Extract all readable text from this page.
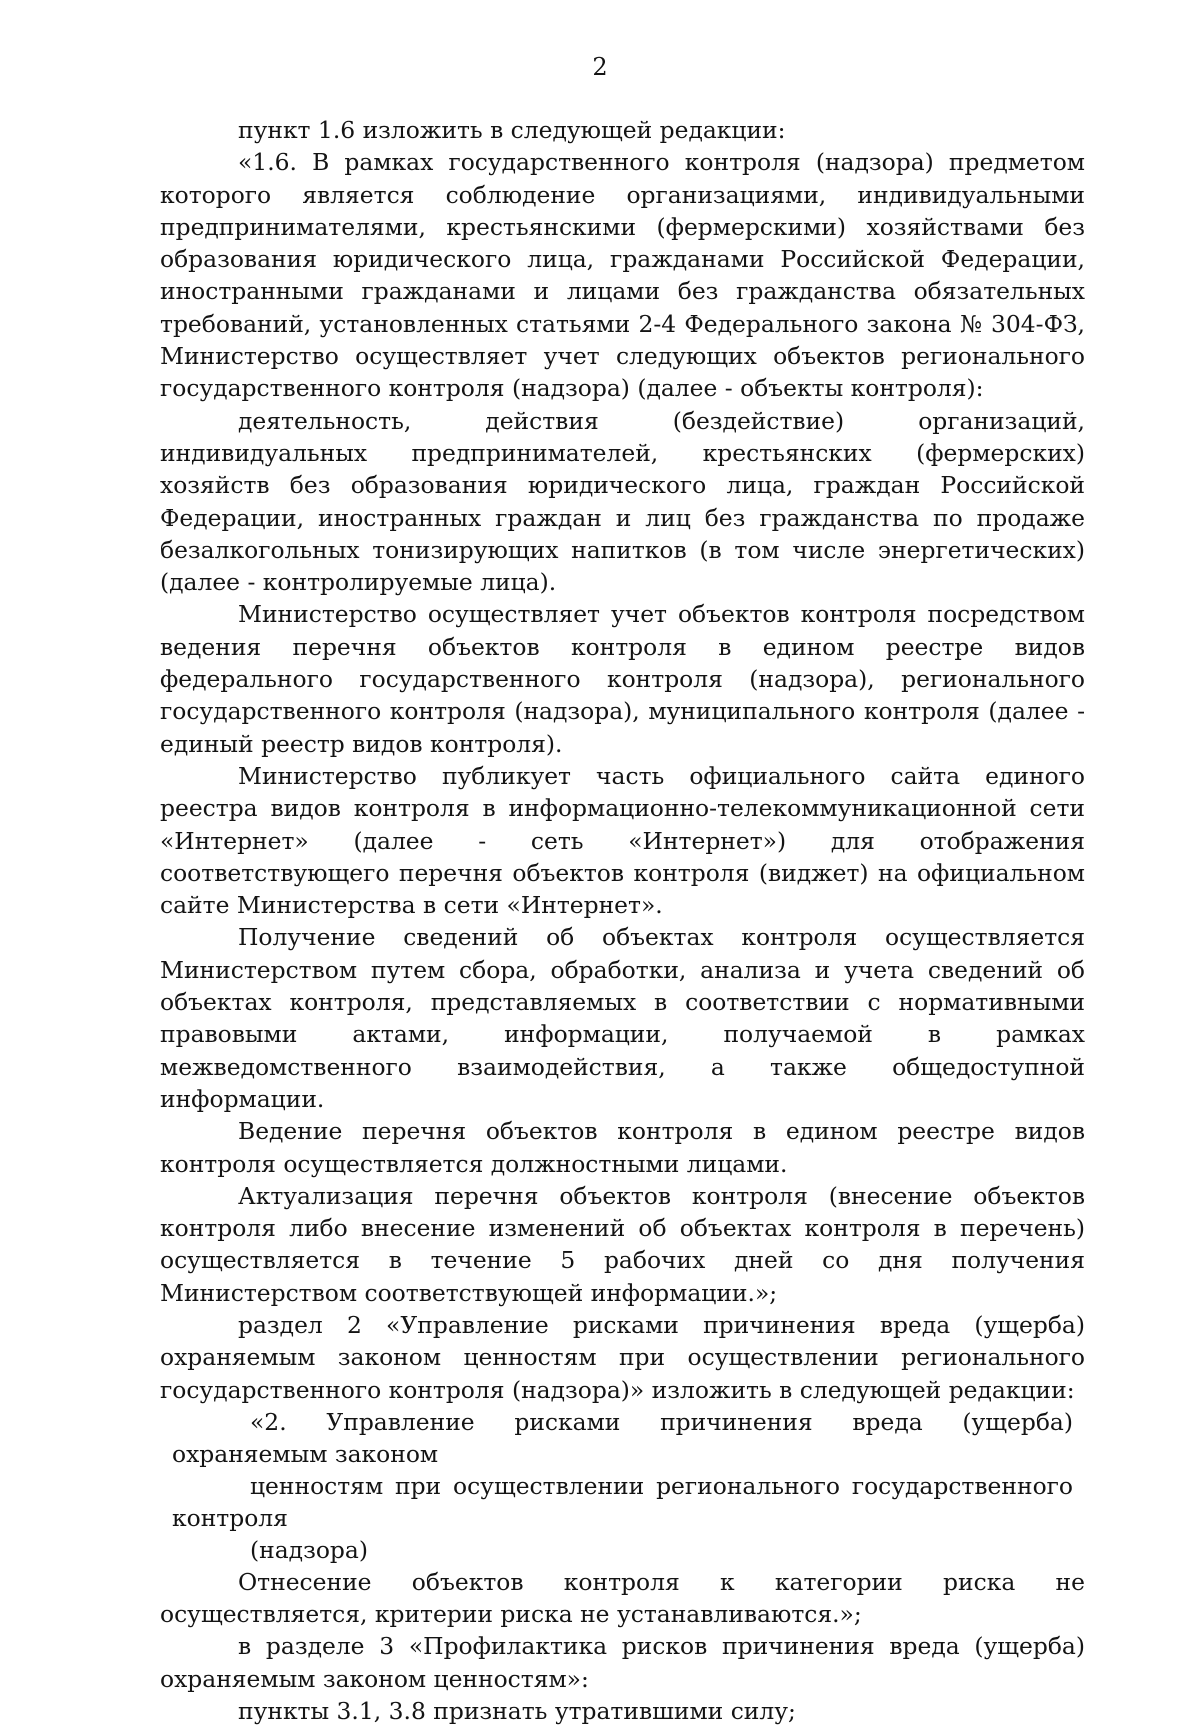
2

пункт 1.6 изложить в следующей редакции:

«1.6. В рамках государственного контроля (надзора) предметом которого является соблюдение организациями, индивидуальными предпринимателями, крестьянскими (фермерскими) хозяйствами без образования юридического лица, гражданами Российской Федерации, иностранными гражданами и лицами без гражданства обязательных требований, установленных статьями 2-4 Федерального закона № 304-ФЗ, Министерство осуществляет учет следующих объектов регионального государственного контроля (надзора) (далее - объекты контроля):

деятельность, действия (бездействие) организаций, индивидуальных предпринимателей, крестьянских (фермерских) хозяйств без образования юридического лица, граждан Российской Федерации, иностранных граждан и лиц без гражданства по продаже безалкогольных тонизирующих напитков (в том числе энергетических) (далее - контролируемые лица).

Министерство осуществляет учет объектов контроля посредством ведения перечня объектов контроля в едином реестре видов федерального государственного контроля (надзора), регионального государственного контроля (надзора), муниципального контроля (далее - единый реестр видов контроля).

Министерство публикует часть официального сайта единого реестра видов контроля в информационно-телекоммуникационной сети «Интернет» (далее - сеть «Интернет») для отображения соответствующего перечня объектов контроля (виджет) на официальном сайте Министерства в сети «Интернет».

Получение сведений об объектах контроля осуществляется Министерством путем сбора, обработки, анализа и учета сведений об объектах контроля, представляемых в соответствии с нормативными правовыми актами, информации, получаемой в рамках межведомственного взаимодействия, а также общедоступной информации.

Ведение перечня объектов контроля в едином реестре видов контроля осуществляется должностными лицами.

Актуализация перечня объектов контроля (внесение объектов контроля либо внесение изменений об объектах контроля в перечень) осуществляется в течение 5 рабочих дней со дня получения Министерством соответствующей информации.»;

раздел 2 «Управление рисками причинения вреда (ущерба) охраняемым законом ценностям при осуществлении регионального государственного контроля (надзора)» изложить в следующей редакции:

«2. Управление рисками причинения вреда (ущерба) охраняемым законом
ценностям при осуществлении регионального государственного контроля
(надзора)

Отнесение объектов контроля к категории риска не осуществляется, критерии риска не устанавливаются.»;

в разделе 3 «Профилактика рисков причинения вреда (ущерба) охраняемым законом ценностям»:

пункты 3.1, 3.8 признать утратившими силу;
